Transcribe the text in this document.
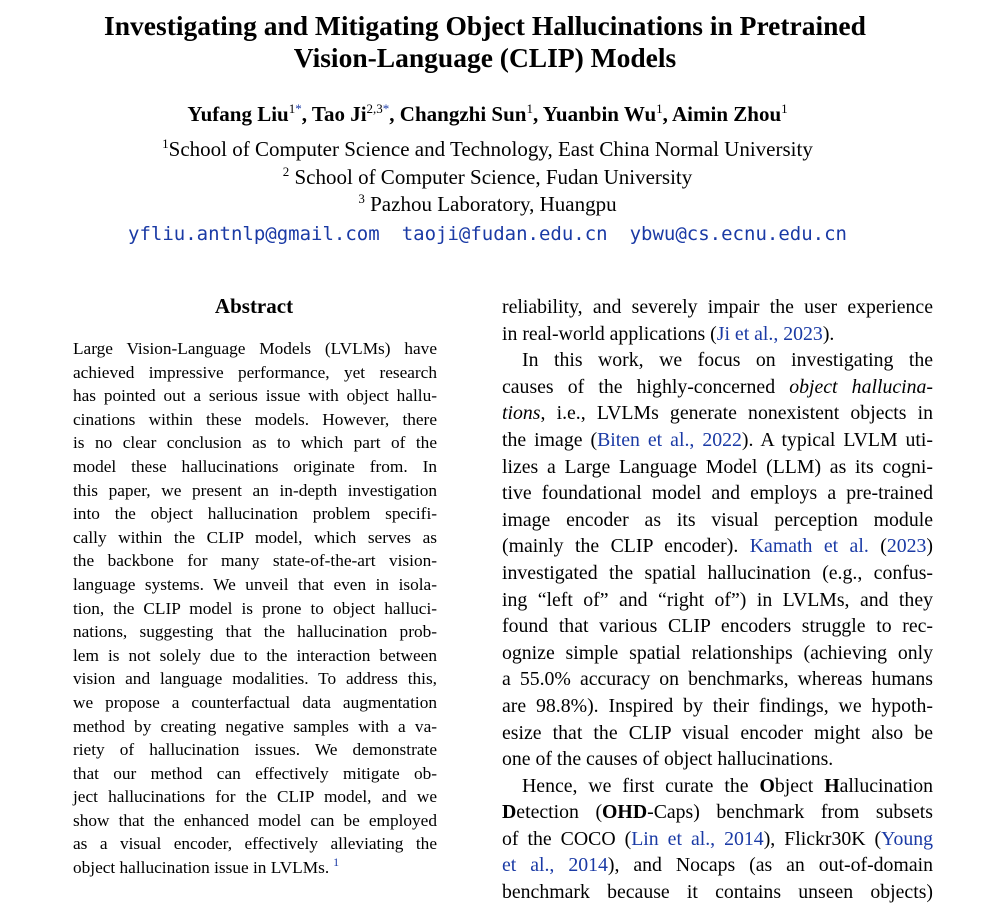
Investigating and Mitigating Object Hallucinations in Pretrained
Vision-Language (CLIP) Models
Yufang Liu$^{1*}$, Tao $Ji^{2,3*}$, Changzhi Sun$^1$, Yuanbin Wu$^1$, Aimin Zhou$^1$
$^1$School of Computer Science and Technology, East China Normal University
$^2$ School of Computer Science, Fudan University
$^3$ Pazhou Laboratory, Huangpu
yfliu.antnlp@gmail.com taoji@fudan.edu.cn ybwu@cs.ecnu.edu.cn
Abstract
Large Vision-Language Models (LVLMs) have
achieved impressive performance, yet research
has pointed out a serious issue with object hallu-
cinations within these models. However, there
is no clear conclusion as to which part of the
model these hallucinations originate from. In
this paper, we present an in-depth investigation
into the object hallucination problem specifi-
cally within the CLIP model, which serves as
the backbone for many state-of-the-art vision-
language systems. We unveil that even in isola-
tion, the CLIP model is prone to object halluci-
nations, suggesting that the hallucination prob-
lem is not solely due to the interaction between
vision and language modalities. To address this,
we propose a counterfactual data augmentation
method by creating negative samples with a va-
riety of hallucination issues. We demonstrate
that our method can effectively mitigate ob-
ject hallucinations for the CLIP model, and we
show that the enhanced model can be employed
as a visual encoder, effectively alleviating the
object hallucination issue in LVLMs. $^1$
reliability, and severely impair the user experience
in real-world applications (Ji et al., 2023).
In this work, we focus on investigating the
causes of the highly-concerned object hallucina-
tions, i.e., LVLMs generate nonexistent objects in
the image (Biten et al., 2022). A typical LVLM uti-
lizes a Large Language Model (LLM) as its cogni-
tive foundational model and employs a pre-trained
image encoder as its visual perception module
(mainly the CLIP encoder). Kamath et al. (2023)
investigated the spatial hallucination (e.g., confus-
ing “left of” and “right of”) in LVLMs, and they
found that various CLIP encoders struggle to rec-
ognize simple spatial relationships (achieving only
a 55.0% accuracy on benchmarks, whereas humans
are 98.8%). Inspired by their findings, we hypoth-
esize that the CLIP visual encoder might also be
one of the causes of object hallucinations.
Hence, we first curate the Object Hallucination
Detection (OHD-Caps) benchmark from subsets
of the COCO (Lin et al., 2014), Flickr30K (Young
et al., 2014), and Nocaps (as an out-of-domain
benchmark because it contains unseen objects)
